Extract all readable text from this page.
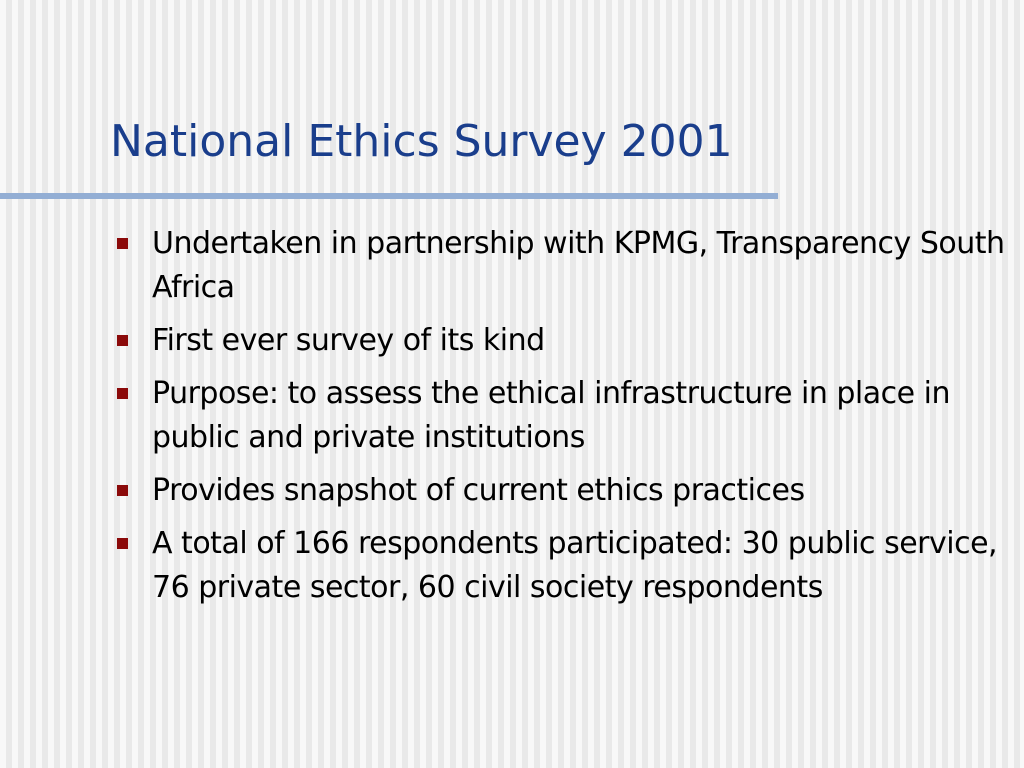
National Ethics Survey 2001
Undertaken in partnership with KPMG, Transparency South Africa
First ever survey of its kind
Purpose: to assess the ethical infrastructure in place in public and private institutions
Provides snapshot of current ethics practices
A total of 166 respondents participated: 30 public service, 76 private sector, 60 civil society respondents
